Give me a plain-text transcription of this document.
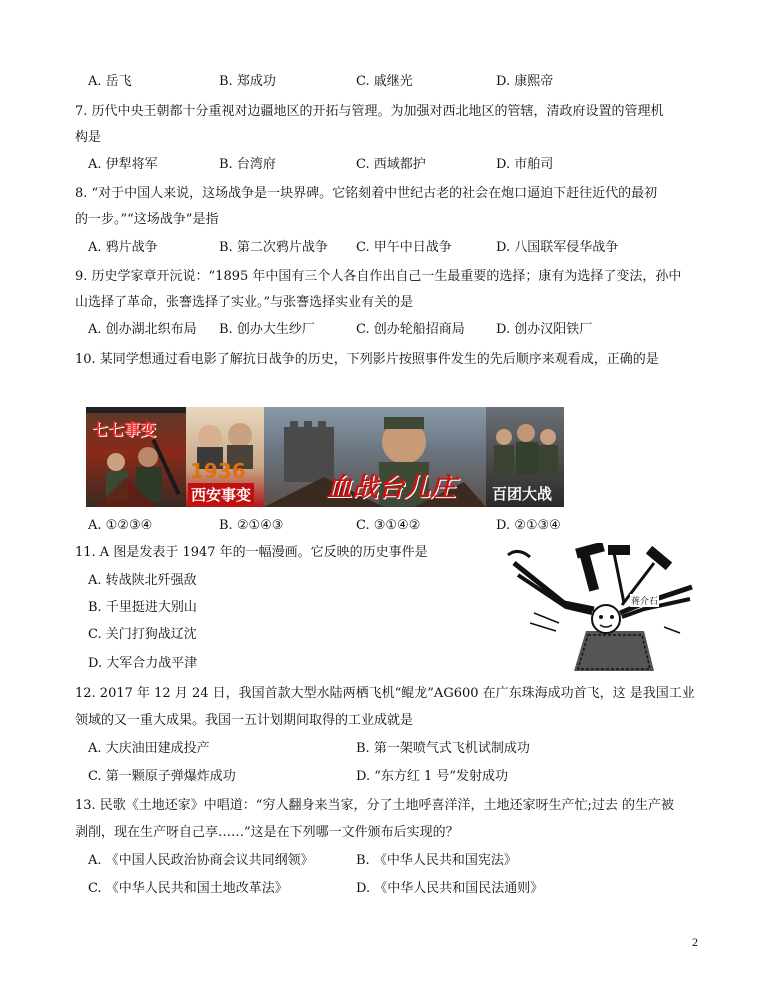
A. 岳飞	B. 郑成功	C. 戚继光	D. 康熙帝
7. 历代中央王朝都十分重视对边疆地区的开拓与管理。为加强对西北地区的管辖，清政府设置的管理机
构是
A. 伊犁将军	B. 台湾府	C. 西域都护	D. 市舶司
8. “对于中国人来说，这场战争是一块界碑。它铭刻着中世纪古老的社会在炮口逼迫下赶往近代的最初
的一步。”“这场战争”是指
A. 鸦片战争	B. 第二次鸦片战争 C. 甲午中日战争	D. 八国联军侵华战争
9. 历史学家章开沅说：“1895 年中国有三个人各自作出自己一生最重要的选择；康有为选择了变法，孙中
山选择了革命，张謇选择了实业。”与张謇选择实业有关的是
A. 创办湖北织布局 B. 创办大生纱厂	C. 创办轮船招商局 D. 创办汉阳铁厂
10. 某同学想通过看电影了解抗日战争的历史，下列影片按照事件发生的先后顺序来观看成，正确的是
七七事变
1936
西安事变	血战台儿庄 百团大战
A. ①②③④	B. ②①④③	C. ③①④②	D. ②①③④
11. A 图是发表于 1947 年的一幅漫画。它反映的历史事件是
A. 转战陕北歼强敌
B. 千里挺进大别山
C. 关门打狗战辽沈
D. 大军合力战平津
蒋介石
12. 2017 年 12 月 24 日，我国首款大型水陆两栖飞机“鲲龙”AG600 在广东珠海成功首飞，这 是我国工业
领域的又一重大成果。我国一五计划期间取得的工业成就是
A. 大庆油田建成投产	B. 第一架喷气式飞机试制成功
C. 第一颗原子弹爆炸成功	D. “东方红 1 号”发射成功
13. 民歌《土地还家》中唱道：“穷人翻身来当家，分了土地呼喜洋洋，土地还家呀生产忙;过去 的生产被
剥削，现在生产呀自己享……”这是在下列哪一文件颁布后实现的？
A. 《中国人民政治协商会议共同纲领》	B. 《中华人民共和国宪法》
C. 《中华人民共和国土地改革法》	D. 《中华人民共和国民法通则》
2
